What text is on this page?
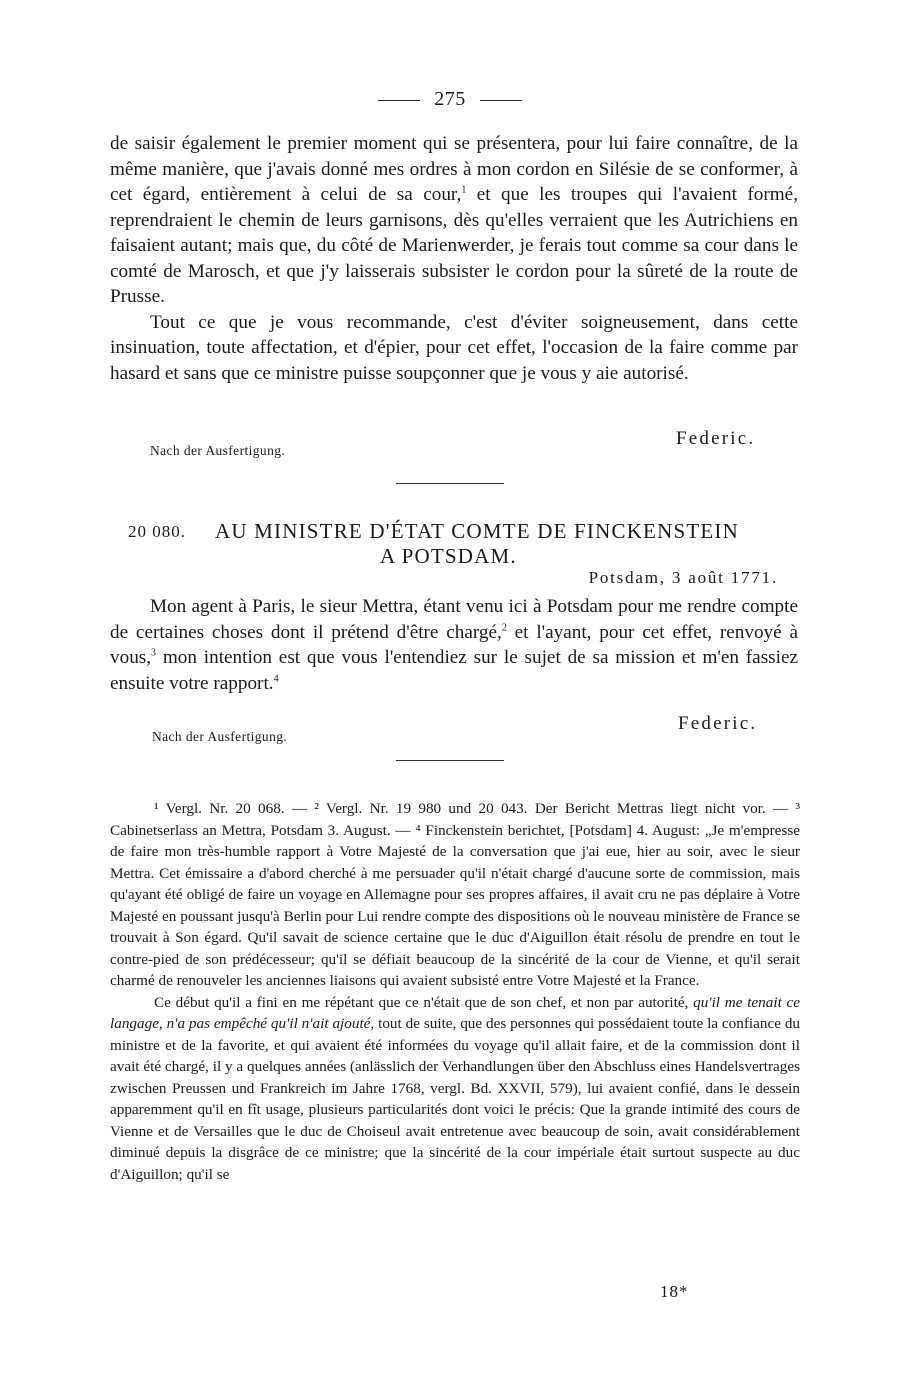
275

de saisir également le premier moment qui se présentera, pour lui faire connaître, de la même manière, que j'avais donné mes ordres à mon cordon en Silésie de se conformer, à cet égard, entièrement à celui de sa cour,$^1$ et que les troupes qui l'avaient formé, reprendraient le chemin de leurs garnisons, dès qu'elles verraient que les Autrichiens en faisaient autant; mais que, du côté de Marienwerder, je ferais tout comme sa cour dans le comté de Marosch, et que j'y laisserais subsister le cordon pour la sûreté de la route de Prusse.

Tout ce que je vous recommande, c'est d'éviter soigneusement, dans cette insinuation, toute affectation, et d'épier, pour cet effet, l'occasion de la faire comme par hasard et sans que ce ministre puisse soupçonner que je vous y aie autorisé.

Federic.
Nach der Ausfertigung.
20 080. AU MINISTRE D'ÉTAT COMTE DE FINCKENSTEIN
A POTSDAM.
Potsdam, 3 août 1771.

Mon agent à Paris, le sieur Mettra, étant venu ici à Potsdam pour me rendre compte de certaines choses dont il prétend d'être chargé,$^2$ et l'ayant, pour cet effet, renvoyé à vous,$^3$ mon intention est que vous l'entendiez sur le sujet de sa mission et m'en fassiez ensuite votre rapport.$^4$

Federic.
Nach der Ausfertigung.

¹ Vergl. Nr. 20 068. — ² Vergl. Nr. 19 980 und 20 043. Der Bericht Mettras liegt nicht vor. — ³ Cabinetserlass an Mettra, Potsdam 3. August. — ⁴ Finckenstein berichtet, [Potsdam] 4. August: „Je m'empresse de faire mon très-humble rapport à Votre Majesté de la conversation que j'ai eue, hier au soir, avec le sieur Mettra. Cet émissaire a d'abord cherché à me persuader qu'il n'était chargé d'aucune sorte de commission, mais qu'ayant été obligé de faire un voyage en Allemagne pour ses propres affaires, il avait cru ne pas déplaire à Votre Majesté en poussant jusqu'à Berlin pour Lui rendre compte des dispositions où le nouveau ministère de France se trouvait à Son égard. Qu'il savait de science certaine que le duc d'Aiguillon était résolu de prendre en tout le contre-pied de son prédécesseur; qu'il se défiait beaucoup de la sincérité de la cour de Vienne, et qu'il serait charmé de renouveler les anciennes liaisons qui avaient subsisté entre Votre Majesté et la France.

Ce début qu'il a fini en me répétant que ce n'était que de son chef, et non par autorité, qu'il me tenait ce langage, n'a pas empêché qu'il n'ait ajouté, tout de suite, que des personnes qui possédaient toute la confiance du ministre et de la favorite, et qui avaient été informées du voyage qu'il allait faire, et de la commission dont il avait été chargé, il y a quelques années (anlässlich der Verhandlungen über den Abschluss eines Handelsvertrages zwischen Preussen und Frankreich im Jahre 1768, vergl. Bd. XXVII, 579), lui avaient confié, dans le dessein apparemment qu'il en fît usage, plusieurs particularités dont voici le précis: Que la grande intimité des cours de Vienne et de Versailles que le duc de Choiseul avait entretenue avec beaucoup de soin, avait considérablement diminué depuis la disgrâce de ce ministre; que la sincérité de la cour impériale était surtout suspecte au duc d'Aiguillon; qu'il se

18*
